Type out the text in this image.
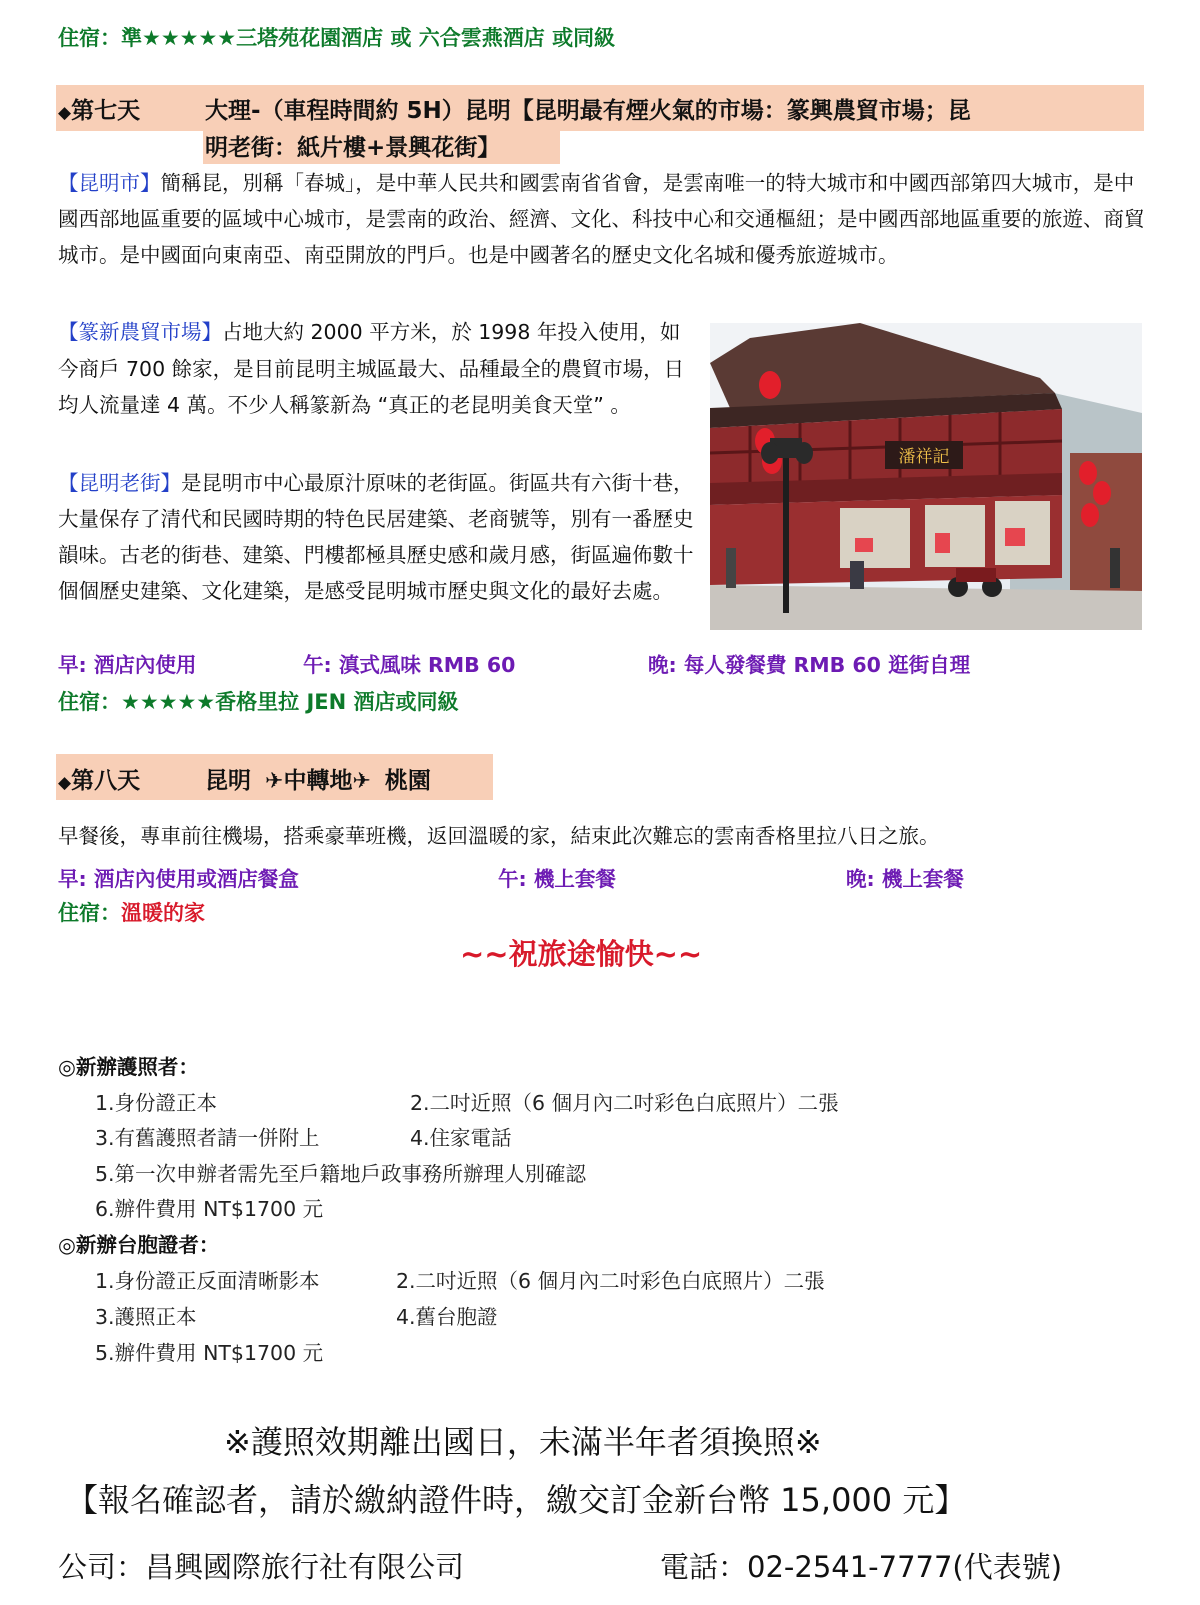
住宿：準★★★★★三塔苑花園酒店 或 六合雲燕酒店 或同級
◆第七天	大理-（車程時間約 5H）昆明【昆明最有煙火氣的市場：篆興農貿市場；昆
明老街：紙片樓+景興花街】
【昆明市】簡稱昆，別稱「春城」，是中華人民共和國雲南省省會，是雲南唯一的特大城市和中國西部第四大城市，是中國西部地區重要的區域中心城市，是雲南的政治、經濟、文化、科技中心和交通樞紐；是中國西部地區重要的旅遊、商貿城市。是中國面向東南亞、南亞開放的門戶。也是中國著名的歷史文化名城和優秀旅遊城市。
【篆新農貿市場】占地大約 2000 平方米，於 1998 年投入使用，如今商戶 700 餘家，是目前昆明主城區最大、品種最全的農貿市場，日均人流量達 4 萬。不少人稱篆新為 “真正的老昆明美食天堂” 。
【昆明老街】是昆明市中心最原汁原味的老街區。街區共有六街十巷，大量保存了清代和民國時期的特色民居建築、老商號等，別有一番歷史韻味。古老的街巷、建築、門樓都極具歷史感和歲月感，街區遍佈數十個個歷史建築、文化建築，是感受昆明城市歷史與文化的最好去處。
潘祥記
早: 酒店內使用	午: 滇式風味 RMB 60	晚: 每人發餐費 RMB 60 逛街自理
住宿：★★★★★香格里拉 JEN 酒店或同級
◆第八天	昆明 ✈中轉地✈ 桃園
早餐後，專車前往機場，搭乘豪華班機，返回溫暖的家，結束此次難忘的雲南香格里拉八日之旅。
早: 酒店內使用或酒店餐盒	午: 機上套餐	晚: 機上套餐
住宿：溫暖的家
~~祝旅途愉快~~
◎新辦護照者：
1.身份證正本	2.二吋近照（6 個月內二吋彩色白底照片）二張
3.有舊護照者請一併附上	4.住家電話
5.第一次申辦者需先至戶籍地戶政事務所辦理人別確認
6.辦件費用 NT$1700 元
◎新辦台胞證者：
1.身份證正反面清晰影本	2.二吋近照（6 個月內二吋彩色白底照片）二張
3.護照正本	4.舊台胞證
5.辦件費用 NT$1700 元
※護照效期離出國日，未滿半年者須換照※
【報名確認者，請於繳納證件時，繳交訂金新台幣 15,000 元】
公司：昌興國際旅行社有限公司	電話：02-2541-7777(代表號)
